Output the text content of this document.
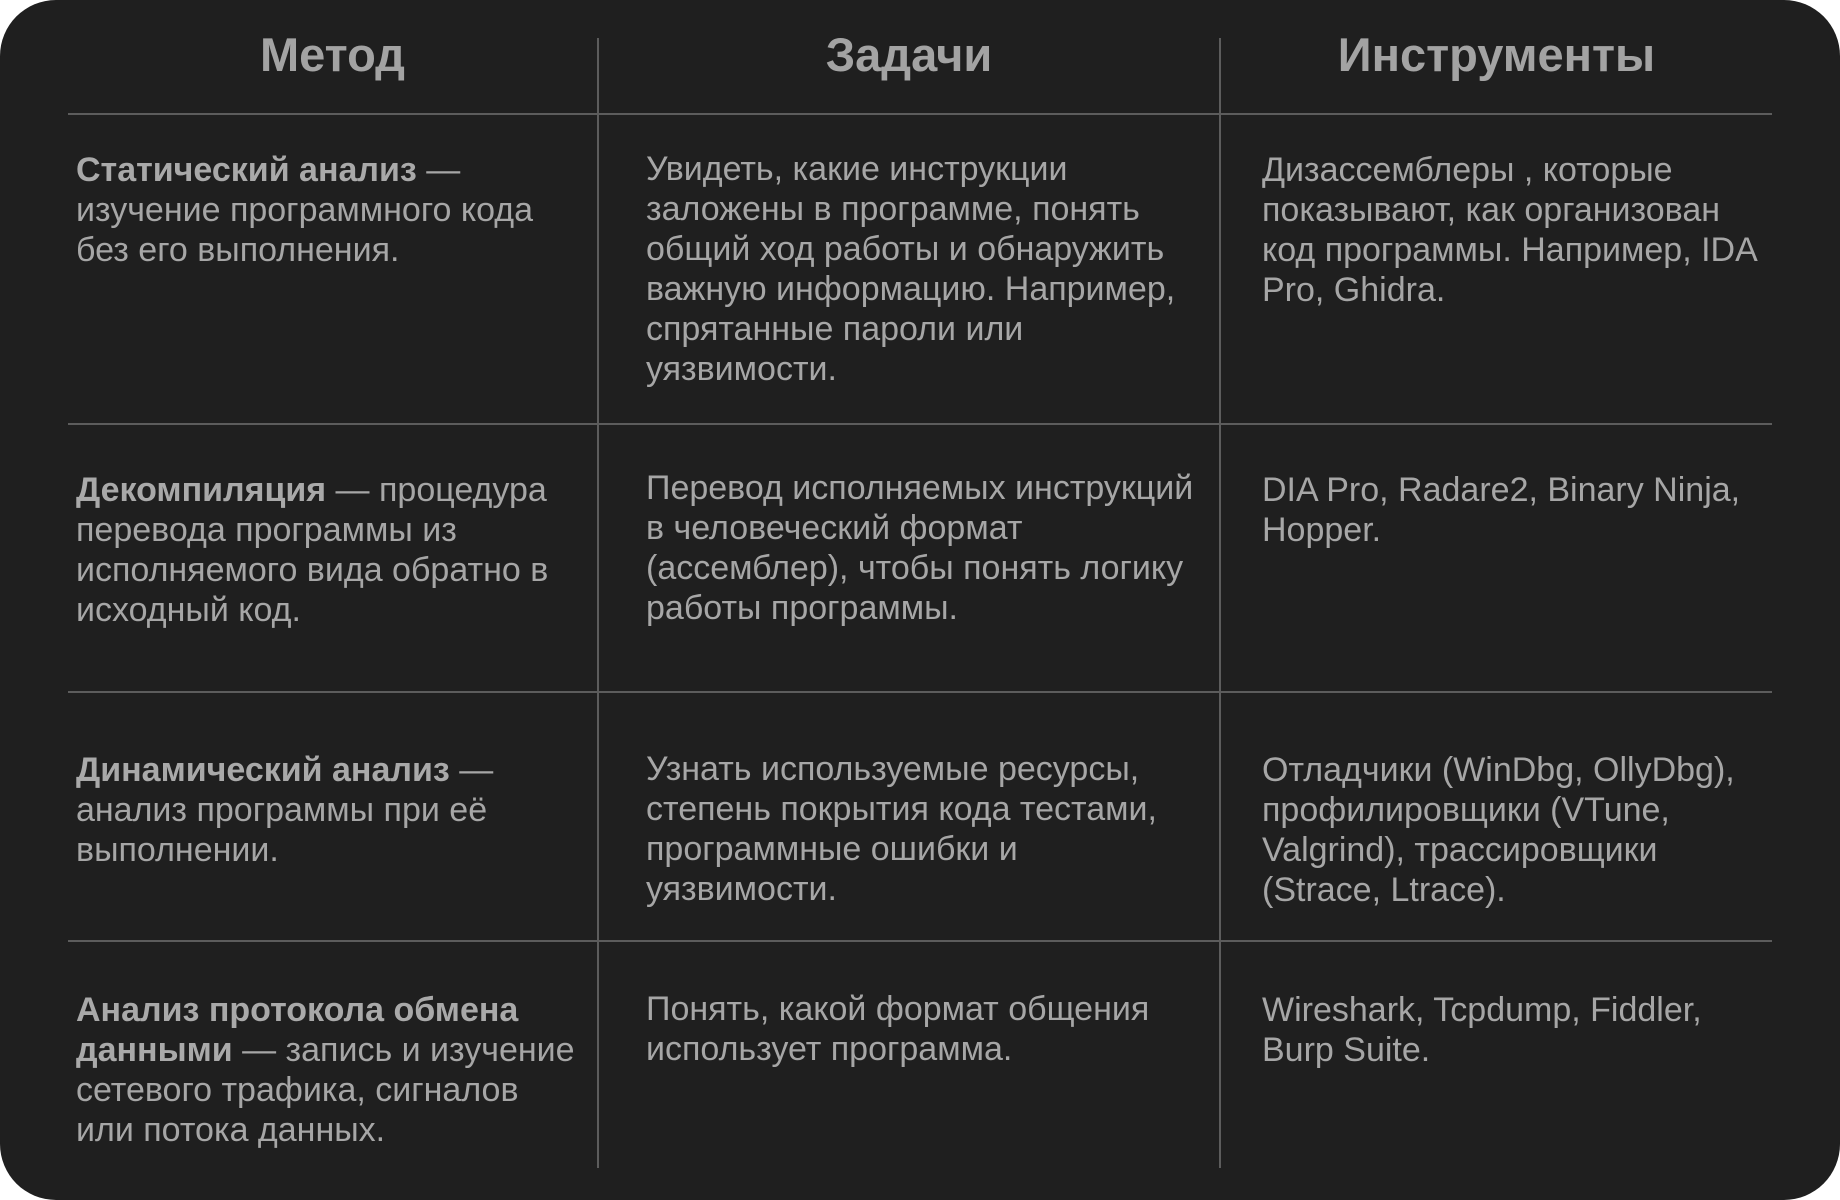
Метод	Задачи	Инструменты

Статический анализ — изучение программного кода без его выполнения.

Увидеть, какие инструкции заложены в программе, понять общий ход работы и обнаружить важную информацию. Например, спрятанные пароли или уязвимости.

Дизассемблеры , которые показывают, как организован код программы. Например, IDA Pro, Ghidra.

Декомпиляция — процедура перевода программы из исполняемого вида обратно в исходный код.

Перевод исполняемых инструкций в человеческий формат (ассемблер), чтобы понять логику работы программы.

DIA Pro, Radare2, Binary Ninja, Hopper.

Динамический анализ — анализ программы при её выполнении.

Узнать используемые ресурсы, степень покрытия кода тестами, программные ошибки и уязвимости.

Отладчики (WinDbg, OllyDbg), профилировщики (VTune, Valgrind), трассировщики (Strace, Ltrace).

Анализ протокола обмена данными — запись и изучение сетевого трафика, сигналов или потока данных.

Понять, какой формат общения использует программа.

Wireshark, Tcpdump, Fiddler, Burp Suite.
